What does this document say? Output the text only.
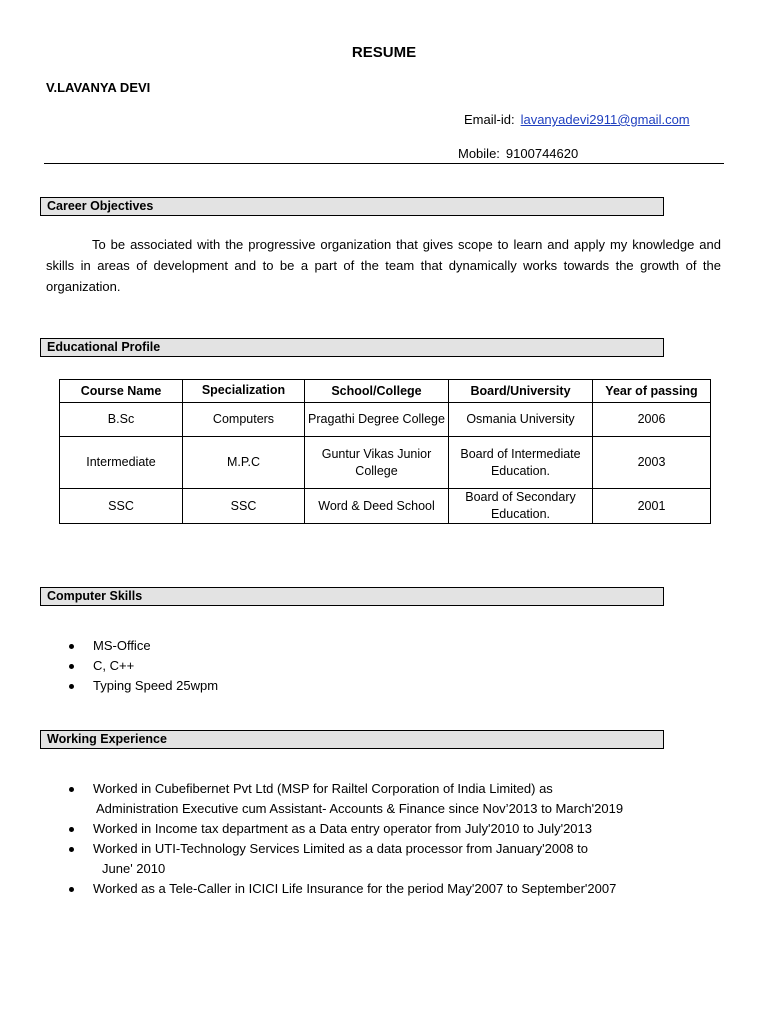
RESUME
V.LAVANYA DEVI
Email-id: lavanyadevi2911@gmail.com
Mobile: 9100744620
Career Objectives
To be associated with the progressive organization that gives scope to learn and apply my knowledge and skills in areas of development and to be a part of the team that dynamically works towards the growth of the organization.
Educational Profile
Course Name	Specialization	School/College	Board/University	Year of passing
B.Sc	Computers	Pragathi Degree College	Osmania University	2006
Intermediate	M.P.C	Guntur Vikas Junior College	Board of Intermediate Education.	2003
SSC	SSC	Word & Deed School	Board of Secondary Education.	2001
Computer Skills
MS-Office
C, C++
Typing Speed 25wpm
Working Experience
Worked in Cubefibernet Pvt Ltd (MSP for Railtel Corporation of India Limited) as
Administration Executive cum Assistant- Accounts & Finance since Nov’2013 to March'2019
Worked in Income tax department as a Data entry operator from July'2010 to July'2013
Worked in UTI-Technology Services Limited as a data processor from January'2008 to
June' 2010
Worked as a Tele-Caller in ICICI Life Insurance for the period May'2007 to September'2007
